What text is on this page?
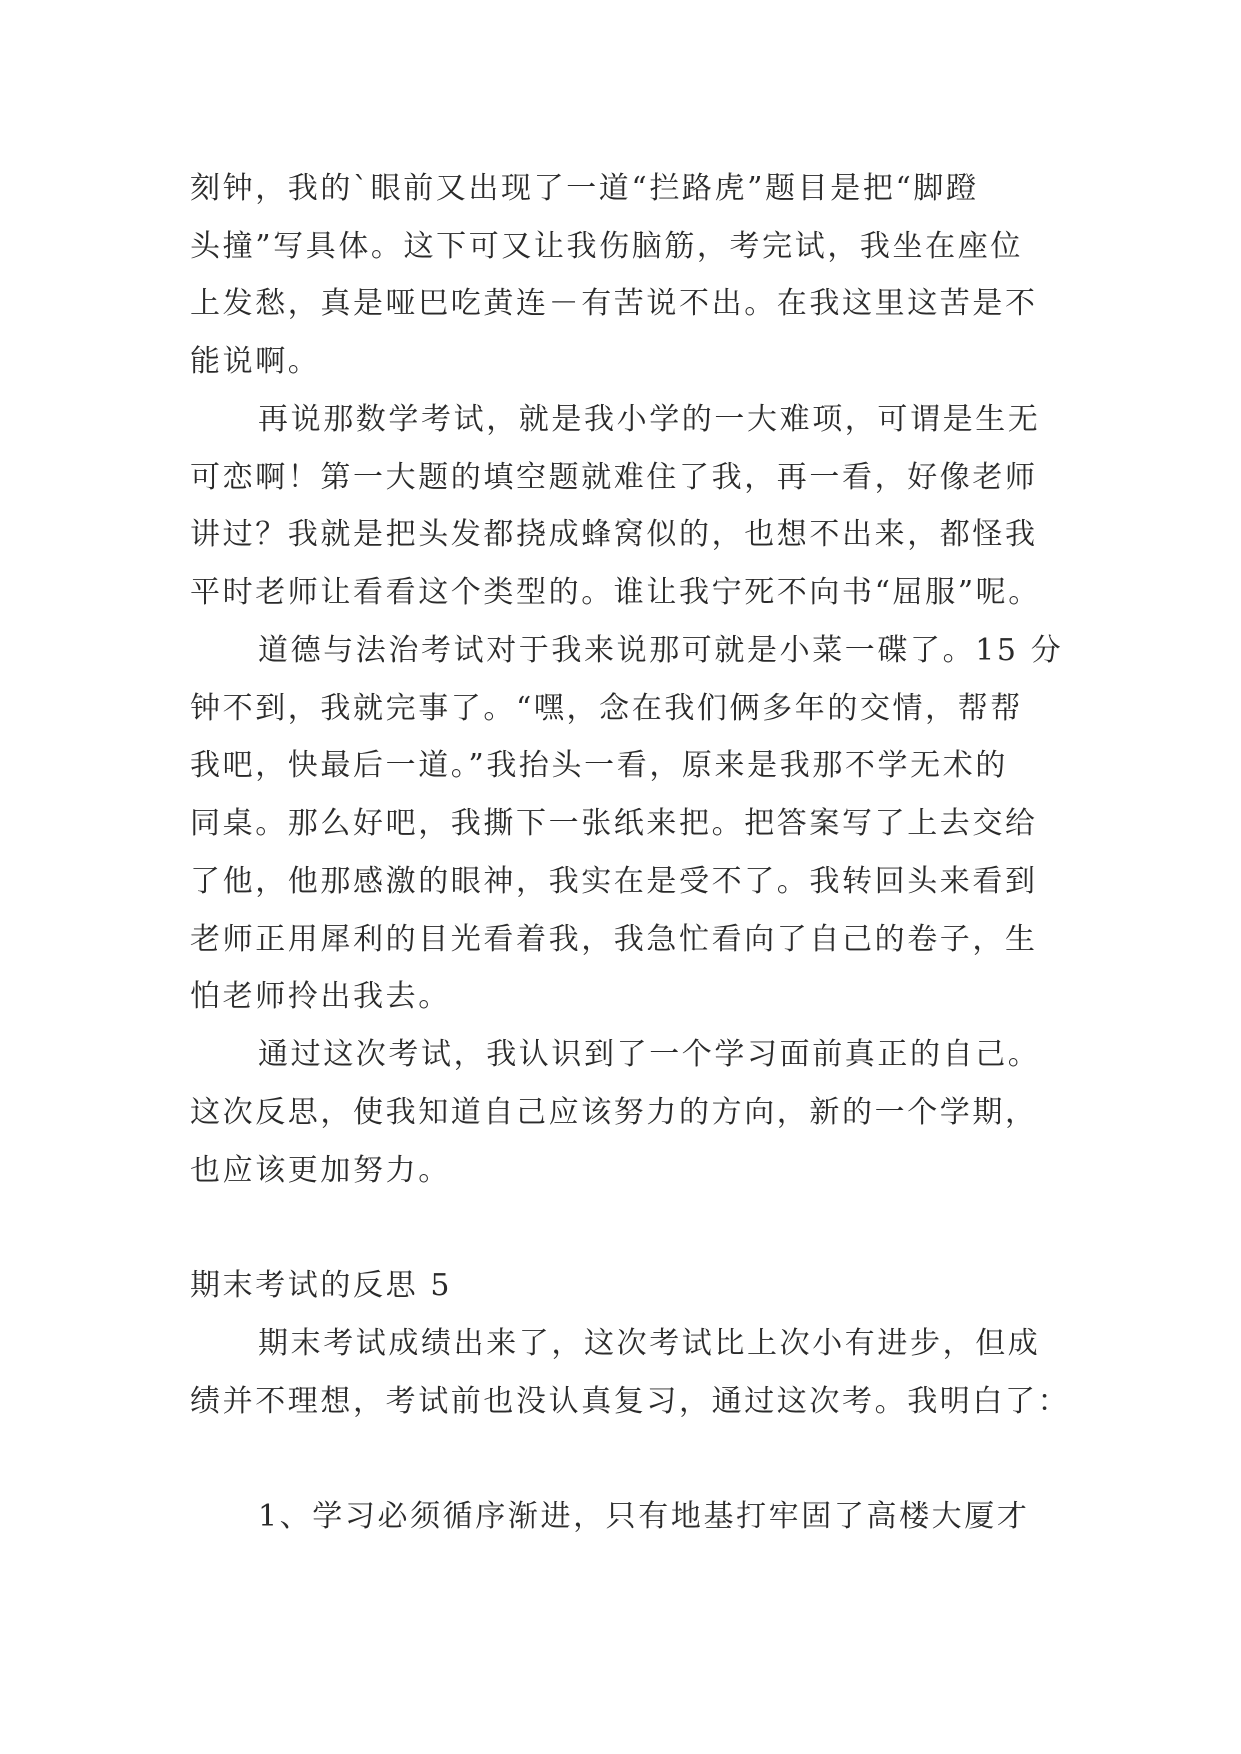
刻钟，我的`眼前又出现了一道“拦路虎”题目是把“脚蹬
头撞”写具体。这下可又让我伤脑筋，考完试，我坐在座位
上发愁，真是哑巴吃黄连－有苦说不出。在我这里这苦是不
能说啊。
再说那数学考试，就是我小学的一大难项，可谓是生无
可恋啊！第一大题的填空题就难住了我，再一看，好像老师
讲过？我就是把头发都挠成蜂窝似的，也想不出来，都怪我
平时老师让看看这个类型的。谁让我宁死不向书“屈服”呢。
道德与法治考试对于我来说那可就是小菜一碟了。15 分
钟不到，我就完事了。“嘿，念在我们俩多年的交情，帮帮
我吧，快最后一道。”我抬头一看，原来是我那不学无术的
同桌。那么好吧，我撕下一张纸来把。把答案写了上去交给
了他，他那感激的眼神，我实在是受不了。我转回头来看到
老师正用犀利的目光看着我，我急忙看向了自己的卷子，生
怕老师拎出我去。
通过这次考试，我认识到了一个学习面前真正的自己。
这次反思，使我知道自己应该努力的方向，新的一个学期，
也应该更加努力。
期末考试的反思 5
期末考试成绩出来了，这次考试比上次小有进步，但成
绩并不理想，考试前也没认真复习，通过这次考。我明白了：
1、学习必须循序渐进，只有地基打牢固了高楼大厦才
